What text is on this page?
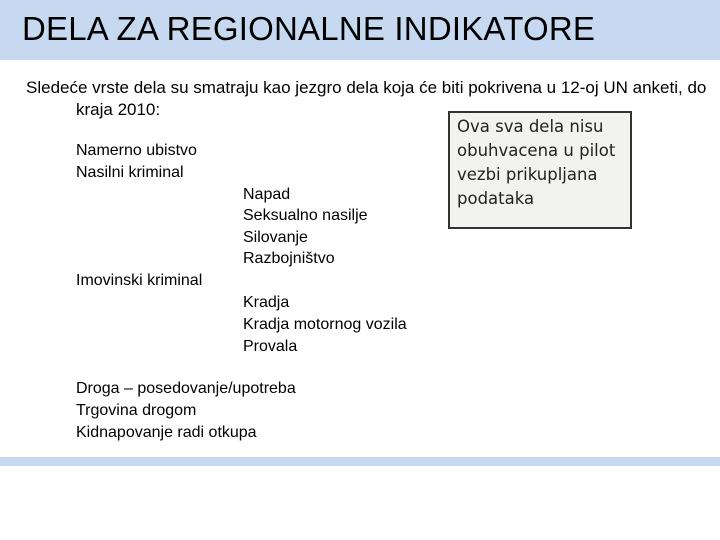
DELA ZA REGIONALNE INDIKATORE
Sledeće vrste dela su smatraju kao jezgro dela koja će biti pokrivena u 12-oj UN anketi, do kraja 2010:
Namerno ubistvo
Nasilni kriminal
Napad
Seksualno nasilje
Silovanje
Razbojništvo
Imovinski kriminal
Kradja
Kradja motornog vozila
Provala
Droga – posedovanje/upotreba
Trgovina drogom
Kidnapovanje radi otkupa
Ova sva dela nisu
obuhvacena u pilot
vezbi prikupljana
podataka
